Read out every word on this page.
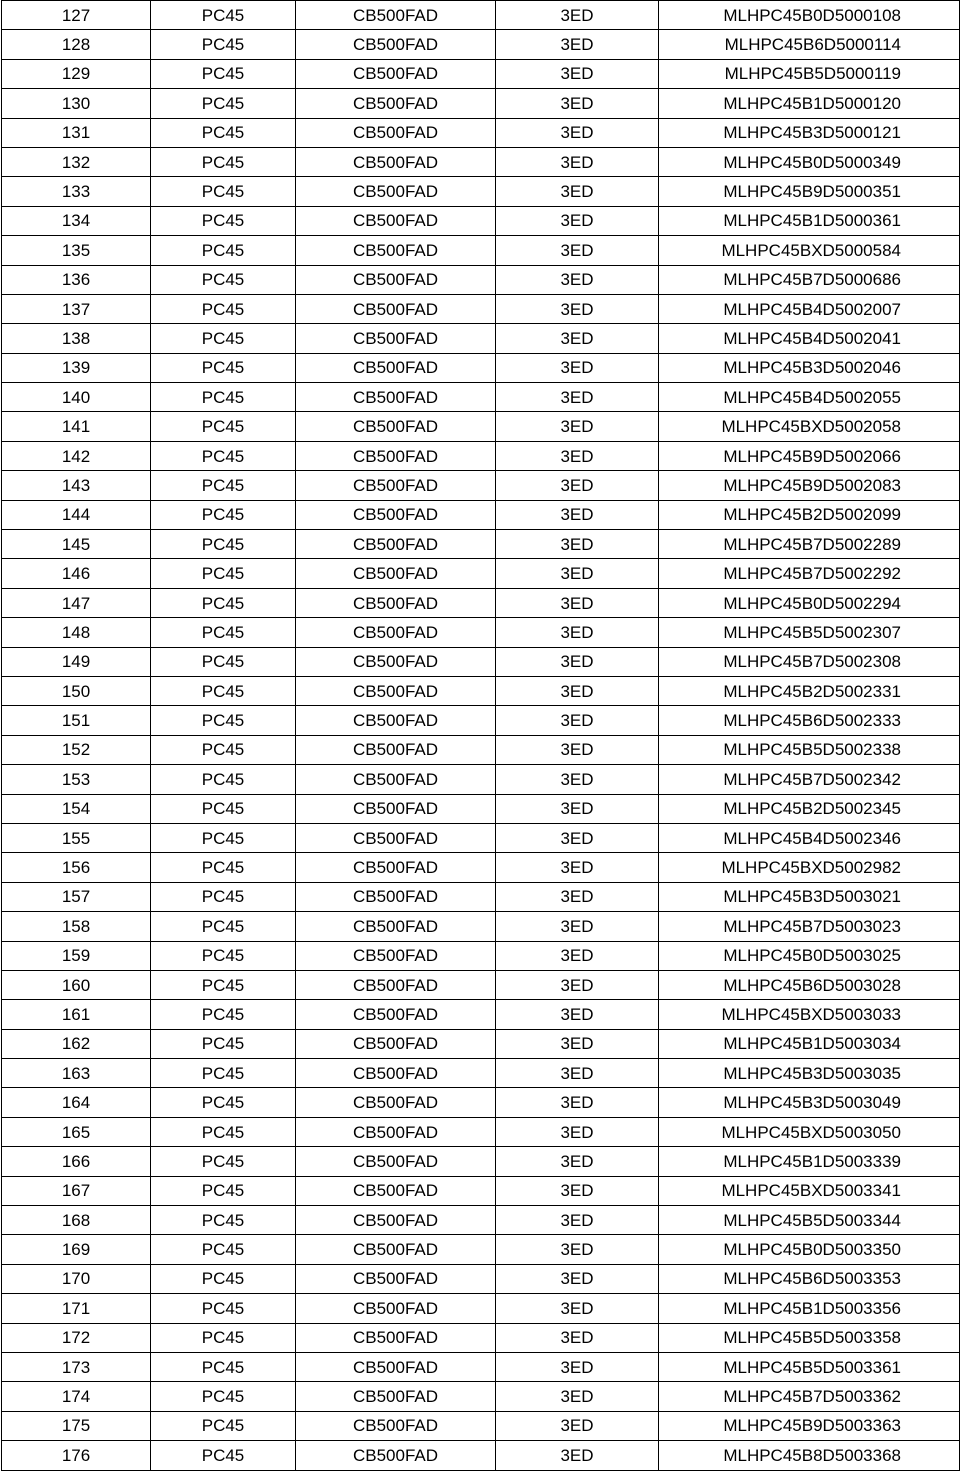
127	PC45	CB500FAD	3ED	MLHPC45B0D5000108
128	PC45	CB500FAD	3ED	MLHPC45B6D5000114
129	PC45	CB500FAD	3ED	MLHPC45B5D5000119
130	PC45	CB500FAD	3ED	MLHPC45B1D5000120
131	PC45	CB500FAD	3ED	MLHPC45B3D5000121
132	PC45	CB500FAD	3ED	MLHPC45B0D5000349
133	PC45	CB500FAD	3ED	MLHPC45B9D5000351
134	PC45	CB500FAD	3ED	MLHPC45B1D5000361
135	PC45	CB500FAD	3ED	MLHPC45BXD5000584
136	PC45	CB500FAD	3ED	MLHPC45B7D5000686
137	PC45	CB500FAD	3ED	MLHPC45B4D5002007
138	PC45	CB500FAD	3ED	MLHPC45B4D5002041
139	PC45	CB500FAD	3ED	MLHPC45B3D5002046
140	PC45	CB500FAD	3ED	MLHPC45B4D5002055
141	PC45	CB500FAD	3ED	MLHPC45BXD5002058
142	PC45	CB500FAD	3ED	MLHPC45B9D5002066
143	PC45	CB500FAD	3ED	MLHPC45B9D5002083
144	PC45	CB500FAD	3ED	MLHPC45B2D5002099
145	PC45	CB500FAD	3ED	MLHPC45B7D5002289
146	PC45	CB500FAD	3ED	MLHPC45B7D5002292
147	PC45	CB500FAD	3ED	MLHPC45B0D5002294
148	PC45	CB500FAD	3ED	MLHPC45B5D5002307
149	PC45	CB500FAD	3ED	MLHPC45B7D5002308
150	PC45	CB500FAD	3ED	MLHPC45B2D5002331
151	PC45	CB500FAD	3ED	MLHPC45B6D5002333
152	PC45	CB500FAD	3ED	MLHPC45B5D5002338
153	PC45	CB500FAD	3ED	MLHPC45B7D5002342
154	PC45	CB500FAD	3ED	MLHPC45B2D5002345
155	PC45	CB500FAD	3ED	MLHPC45B4D5002346
156	PC45	CB500FAD	3ED	MLHPC45BXD5002982
157	PC45	CB500FAD	3ED	MLHPC45B3D5003021
158	PC45	CB500FAD	3ED	MLHPC45B7D5003023
159	PC45	CB500FAD	3ED	MLHPC45B0D5003025
160	PC45	CB500FAD	3ED	MLHPC45B6D5003028
161	PC45	CB500FAD	3ED	MLHPC45BXD5003033
162	PC45	CB500FAD	3ED	MLHPC45B1D5003034
163	PC45	CB500FAD	3ED	MLHPC45B3D5003035
164	PC45	CB500FAD	3ED	MLHPC45B3D5003049
165	PC45	CB500FAD	3ED	MLHPC45BXD5003050
166	PC45	CB500FAD	3ED	MLHPC45B1D5003339
167	PC45	CB500FAD	3ED	MLHPC45BXD5003341
168	PC45	CB500FAD	3ED	MLHPC45B5D5003344
169	PC45	CB500FAD	3ED	MLHPC45B0D5003350
170	PC45	CB500FAD	3ED	MLHPC45B6D5003353
171	PC45	CB500FAD	3ED	MLHPC45B1D5003356
172	PC45	CB500FAD	3ED	MLHPC45B5D5003358
173	PC45	CB500FAD	3ED	MLHPC45B5D5003361
174	PC45	CB500FAD	3ED	MLHPC45B7D5003362
175	PC45	CB500FAD	3ED	MLHPC45B9D5003363
176	PC45	CB500FAD	3ED	MLHPC45B8D5003368
